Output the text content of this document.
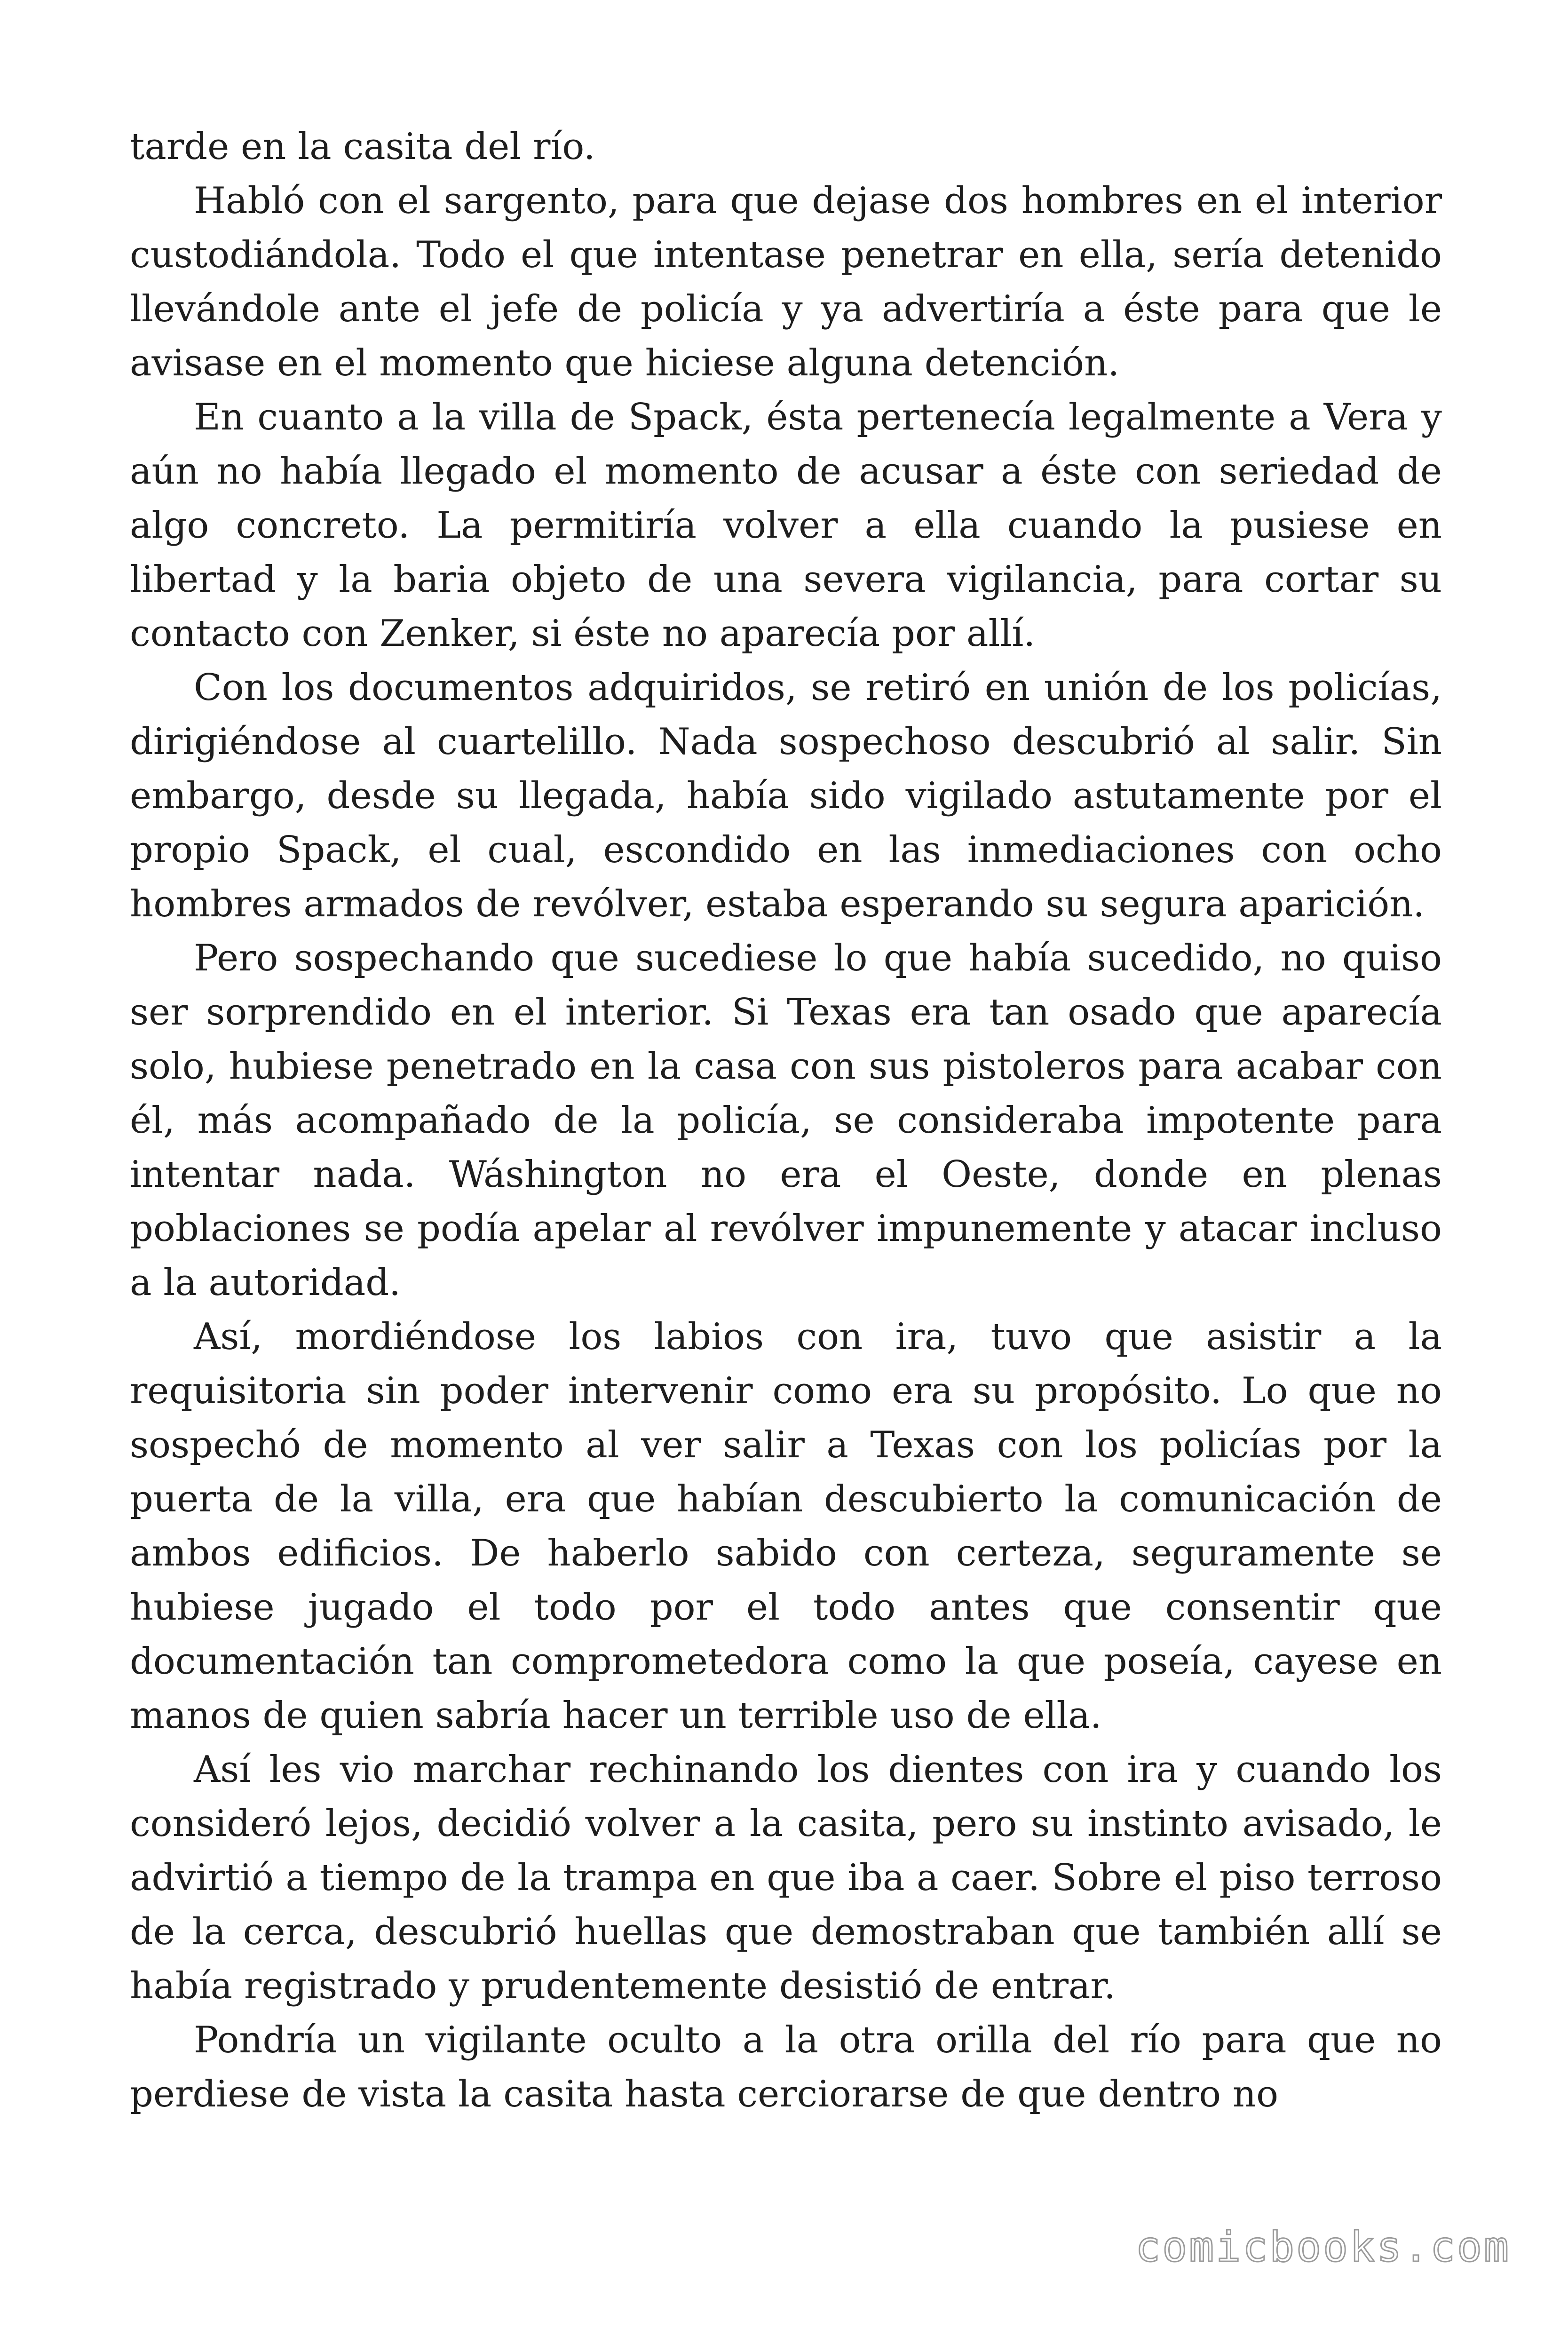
tarde en la casita del río.

Habló con el sargento, para que dejase dos hombres en el interior custodiándola. Todo el que intentase penetrar en ella, sería detenido llevándole ante el jefe de policía y ya advertiría a éste para que le avisase en el momento que hiciese alguna detención.

En cuanto a la villa de Spack, ésta pertenecía legalmente a Vera y aún no había llegado el momento de acusar a éste con seriedad de algo concreto. La permitiría volver a ella cuando la pusiese en libertad y la baria objeto de una severa vigilancia, para cortar su contacto con Zenker, si éste no aparecía por allí.

Con los documentos adquiridos, se retiró en unión de los policías, dirigiéndose al cuartelillo. Nada sospechoso descubrió al salir. Sin embargo, desde su llegada, había sido vigilado astutamente por el propio Spack, el cual, escondido en las inmediaciones con ocho hombres armados de revólver, estaba esperando su segura aparición.

Pero sospechando que sucediese lo que había sucedido, no quiso ser sorprendido en el interior. Si Texas era tan osado que aparecía solo, hubiese penetrado en la casa con sus pistoleros para acabar con él, más acompañado de la policía, se consideraba impotente para intentar nada. Wáshington no era el Oeste, donde en plenas poblaciones se podía apelar al revólver impunemente y atacar incluso a la autoridad.

Así, mordiéndose los labios con ira, tuvo que asistir a la requisitoria sin poder intervenir como era su propósito. Lo que no sospechó de momento al ver salir a Texas con los policías por la puerta de la villa, era que habían descubierto la comunicación de ambos edificios. De haberlo sabido con certeza, seguramente se hubiese jugado el todo por el todo antes que consentir que documentación tan comprometedora como la que poseía, cayese en manos de quien sabría hacer un terrible uso de ella.

Así les vio marchar rechinando los dientes con ira y cuando los consideró lejos, decidió volver a la casita, pero su instinto avisado, le advirtió a tiempo de la trampa en que iba a caer. Sobre el piso terroso de la cerca, descubrió huellas que demostraban que también allí se había registrado y prudentemente desistió de entrar.

Pondría un vigilante oculto a la otra orilla del río para que no perdiese de vista la casita hasta cerciorarse de que dentro no

comicbooks.com
